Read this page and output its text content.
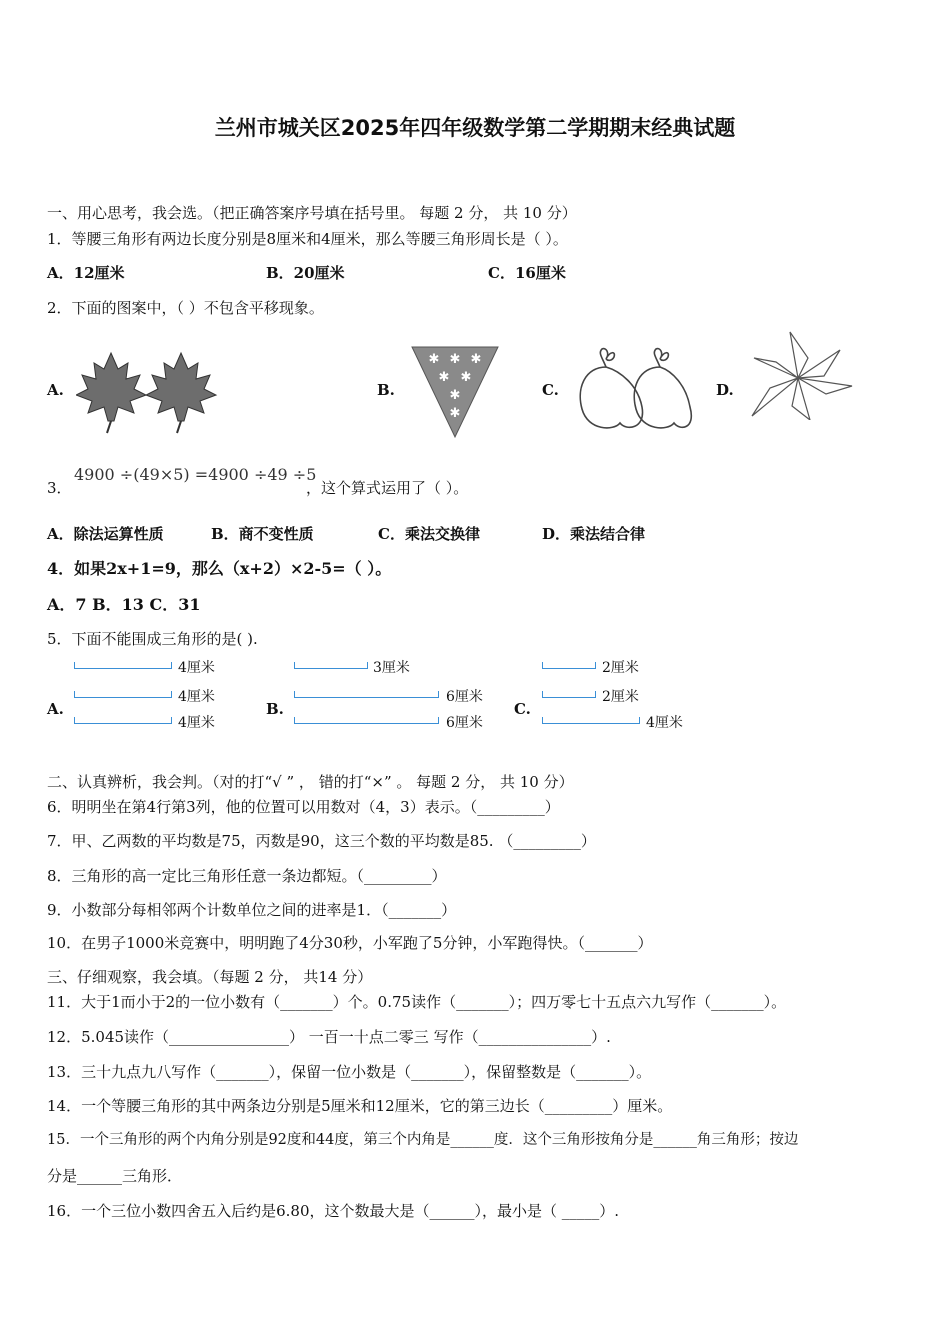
兰州市城关区2025年四年级数学第二学期期末经典试题
一、用心思考，我会选。（把正确答案序号填在括号里。 每题 2 分， 共 10 分）
1．等腰三角形有两边长度分别是8厘米和4厘米，那么等腰三角形周长是（ ）。
A．12厘米	B．20厘米	C．16厘米
2．下面的图案中，（ ）不包含平移现象。
A.	B.
✱ ✱ ✱
✱ ✱
✱
✱
C.	D.
3．
4900 ÷(49×5) =4900 ÷49 ÷5
，这个算式运用了（ ）。
A．除法运算性质	B．商不变性质	C．乘法交换律	D．乘法结合律
4．如果2x+1=9，那么（x+2）×2-5=（ ）。
A．7 B．13 C．31
5．下面不能围成三角形的是( ).
A.
4厘米
4厘米
4厘米
B.
3厘米
6厘米
6厘米
C.
2厘米
2厘米
4厘米
二、认真辨析，我会判。（对的打“√ ” ， 错的打“×” 。 每题 2 分， 共 10 分）
6．明明坐在第4行第3列，他的位置可以用数对（4，3）表示。（_________）
7．甲、乙两数的平均数是75，丙数是90，这三个数的平均数是85. （_________）
8．三角形的高一定比三角形任意一条边都短。（_________）
9．小数部分每相邻两个计数单位之间的进率是1．（_______）
10．在男子1000米竞赛中，明明跑了4分30秒，小军跑了5分钟，小军跑得快。（_______）
三、仔细观察，我会填。（每题 2 分， 共14 分）
11．大于1而小于2的一位小数有（_______）个。0.75读作（_______）；四万零七十五点六九写作（_______）。
12．5.045读作（________________） 一百一十点二零三 写作（_______________）.
13．三十九点九八写作（_______），保留一位小数是（_______），保留整数是（_______）。
14．一个等腰三角形的其中两条边分别是5厘米和12厘米，它的第三边长（_________）厘米。
15．一个三角形的两个内角分别是92度和44度，第三个内角是______度．这个三角形按角分是______角三角形；按边
分是______三角形．
16．一个三位小数四舍五入后约是6.80，这个数最大是（______），最小是（ _____）.
